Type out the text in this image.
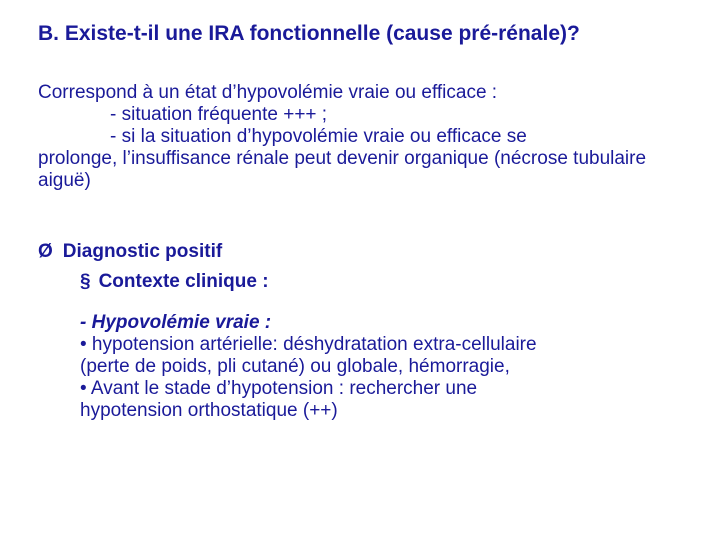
B. Existe-t-il une IRA fonctionnelle (cause pré-rénale)?
Correspond à un état d’hypovolémie vraie ou efficace :
- situation fréquente +++ ;
- si la situation d’hypovolémie vraie ou efficace se
prolonge, l’insuffisance rénale peut devenir organique (nécrose tubulaire aiguë)
Ø Diagnostic positif
§ Contexte clinique :
- Hypovolémie vraie :
• hypotension artérielle: déshydratation extra-cellulaire
(perte de poids, pli cutané) ou globale, hémorragie,
• Avant le stade d’hypotension : rechercher une
hypotension orthostatique (++)
